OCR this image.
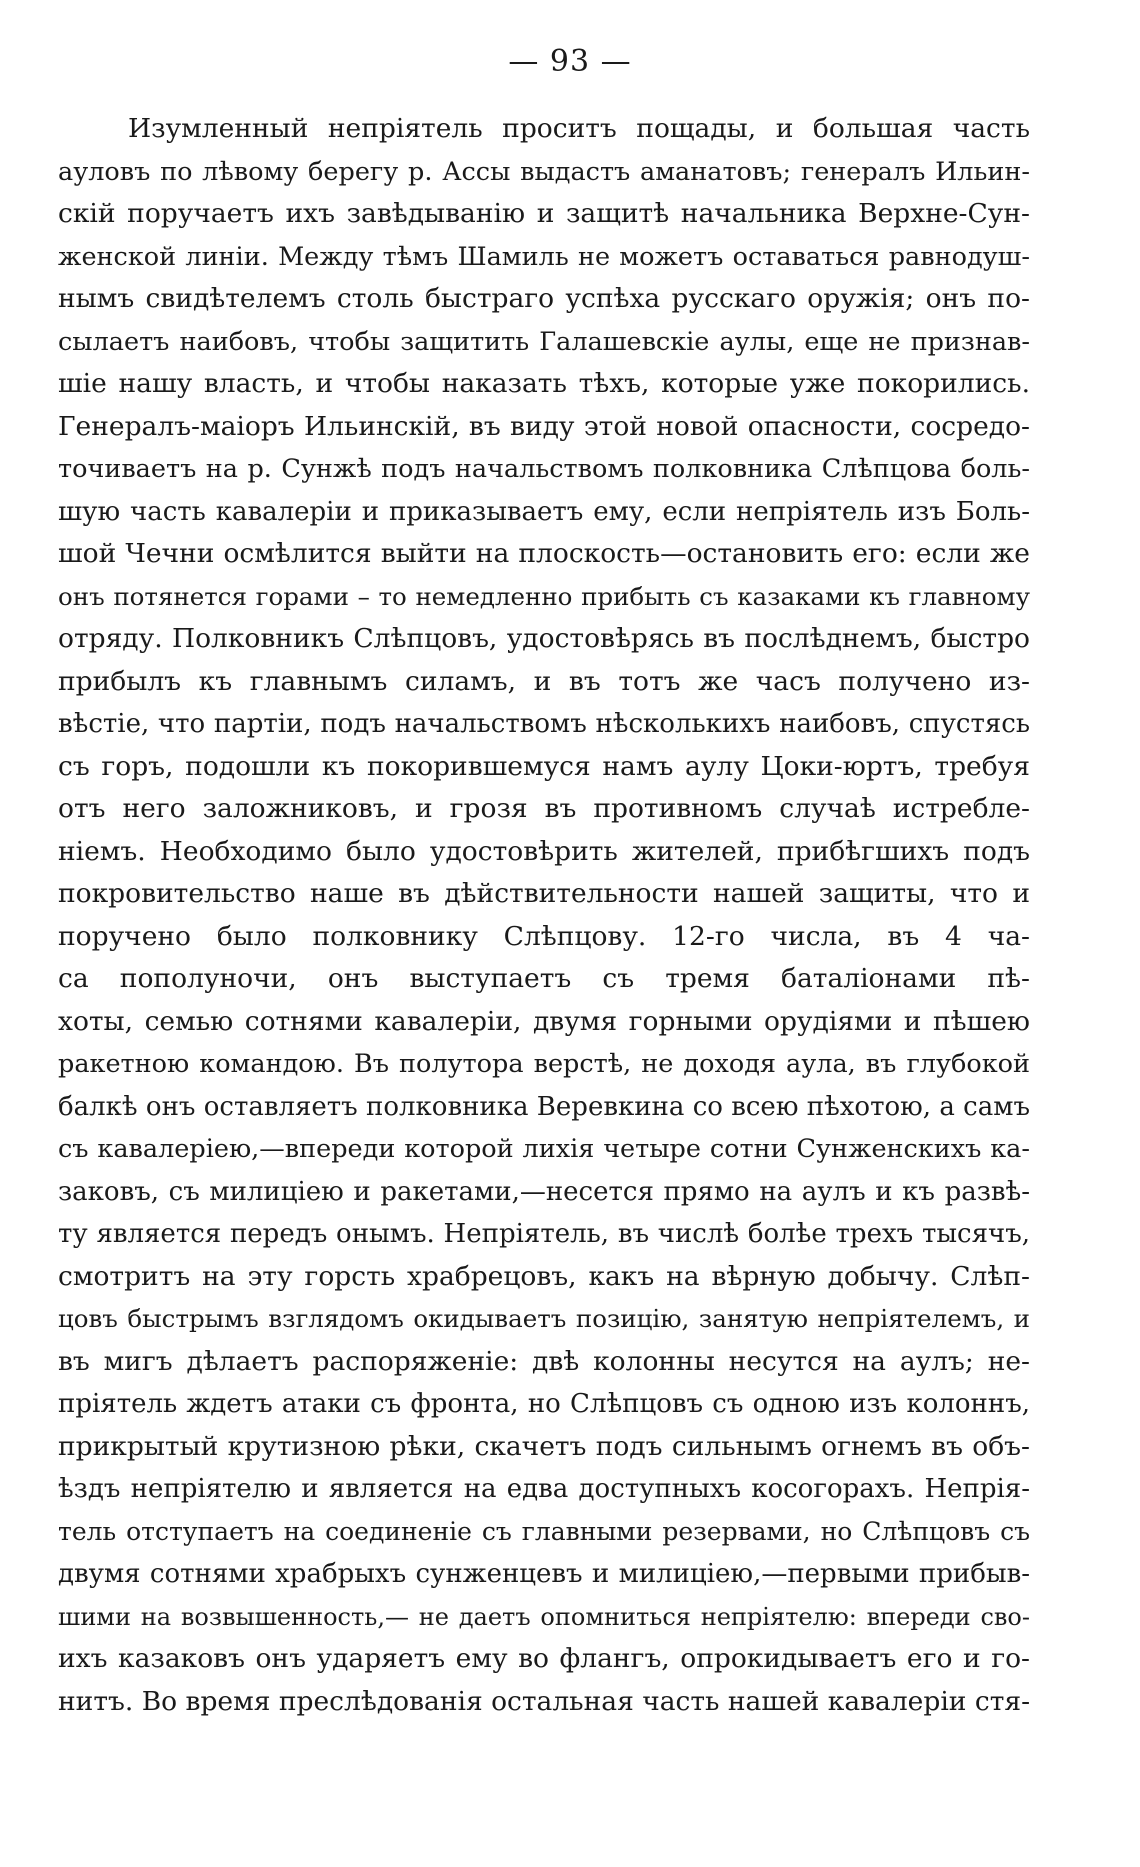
— 93 —
Изумленный непріятель проситъ пощады, и большая часть
ауловъ по лѣвому берегу р. Ассы выдастъ аманатовъ; генералъ Ильин-
скій поручаетъ ихъ завѣдыванію и защитѣ начальника Верхне-Сун-
женской линіи. Между тѣмъ Шамиль не можетъ оставаться равнодуш-
нымъ свидѣтелемъ столь быстраго успѣха русскаго оружія; онъ по-
сылаетъ наибовъ, чтобы защитить Галашевскіе аулы, еще не признав-
шіе нашу власть, и чтобы наказать тѣхъ, которые уже покорились.
Генералъ-маіоръ Ильинскій, въ виду этой новой опасности, сосредо-
точиваетъ на р. Сунжѣ подъ начальствомъ полковника Слѣпцова боль-
шую часть кавалеріи и приказываетъ ему, если непріятель изъ Боль-
шой Чечни осмѣлится выйти на плоскость—остановить его: если же
онъ потянется горами – то немедленно прибыть съ казаками къ главному
отряду. Полковникъ Слѣпцовъ, удостовѣрясь въ послѣднемъ, быстро
прибылъ къ главнымъ силамъ, и въ тотъ же часъ получено из-
вѣстіе, что партіи, подъ начальствомъ нѣсколькихъ наибовъ, спустясь
съ горъ, подошли къ покорившемуся намъ аулу Цоки-юртъ, требуя
отъ него заложниковъ, и грозя въ противномъ случаѣ истребле-
ніемъ. Необходимо было удостовѣрить жителей, прибѣгшихъ подъ
покровительство наше въ дѣйствительности нашей защиты, что и
поручено было полковнику Слѣпцову. 12-го числа, въ 4 ча-
са пополуночи, онъ выступаетъ съ тремя баталіонами пѣ-
хоты, семью сотнями кавалеріи, двумя горными орудіями и пѣшею
ракетною командою. Въ полутора верстѣ, не доходя аула, въ глубокой
балкѣ онъ оставляетъ полковника Веревкина со всею пѣхотою, а самъ
съ кавалеріею,—впереди которой лихія четыре сотни Сунженскихъ ка-
заковъ, съ милиціею и ракетами,—несется прямо на аулъ и къ развѣ-
ту является передъ онымъ. Непріятель, въ числѣ болѣе трехъ тысячъ,
смотритъ на эту горсть храбрецовъ, какъ на вѣрную добычу. Слѣп-
цовъ быстрымъ взглядомъ окидываетъ позицію, занятую непріятелемъ, и
въ мигъ дѣлаетъ распоряженіе: двѣ колонны несутся на аулъ; не-
пріятель ждетъ атаки съ фронта, но Слѣпцовъ съ одною изъ колоннъ,
прикрытый крутизною рѣки, скачетъ подъ сильнымъ огнемъ въ объ-
ѣздъ непріятелю и является на едва доступныхъ косогорахъ. Непрія-
тель отступаетъ на соединеніе съ главными резервами, но Слѣпцовъ съ
двумя сотнями храбрыхъ сунженцевъ и милиціею,—первыми прибыв-
шими на возвышенность,— не даетъ опомниться непріятелю: впереди сво-
ихъ казаковъ онъ ударяетъ ему во флангъ, опрокидываетъ его и го-
нитъ. Во время преслѣдованія остальная часть нашей кавалеріи стя-
